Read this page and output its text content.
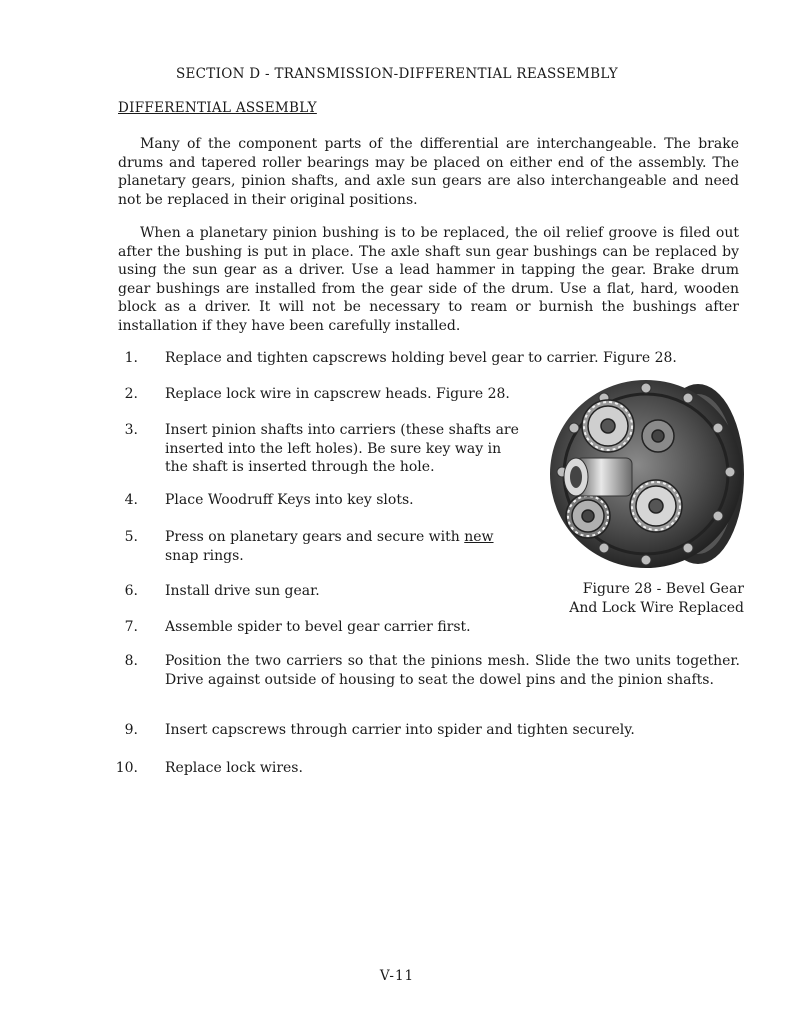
SECTION D - TRANSMISSION-DIFFERENTIAL REASSEMBLY
DIFFERENTIAL ASSEMBLY

Many of the component parts of the differential are interchangeable. The brake drums and tapered roller bearings may be placed on either end of the assembly. The planetary gears, pinion shafts, and axle sun gears are also interchangeable and need not be replaced in their original positions.

When a planetary pinion bushing is to be replaced, the oil relief groove is filed out after the bushing is put in place. The axle shaft sun gear bushings can be replaced by using the sun gear as a driver. Use a lead hammer in tapping the gear. Brake drum gear bushings are installed from the gear side of the drum. Use a flat, hard, wooden block as a driver. It will not be necessary to ream or burnish the bushings after installation if they have been carefully installed.

1. Replace and tighten capscrews holding bevel gear to carrier. Figure 28.
2. Replace lock wire in capscrew heads. Figure 28.
3. Insert pinion shafts into carriers (these shafts are inserted into the left holes). Be sure key way in the shaft is inserted through the hole.
4. Place Woodruff Keys into key slots.
5. Press on planetary gears and secure with new snap rings.
6. Install drive sun gear.
7. Assemble spider to bevel gear carrier first.
8. Position the two carriers so that the pinions mesh. Slide the two units together. Drive against outside of housing to seat the dowel pins and the pinion shafts.
9. Insert capscrews through carrier into spider and tighten securely.
10. Replace lock wires.
Figure 28 - Bevel Gear
And Lock Wire Replaced
V-11
